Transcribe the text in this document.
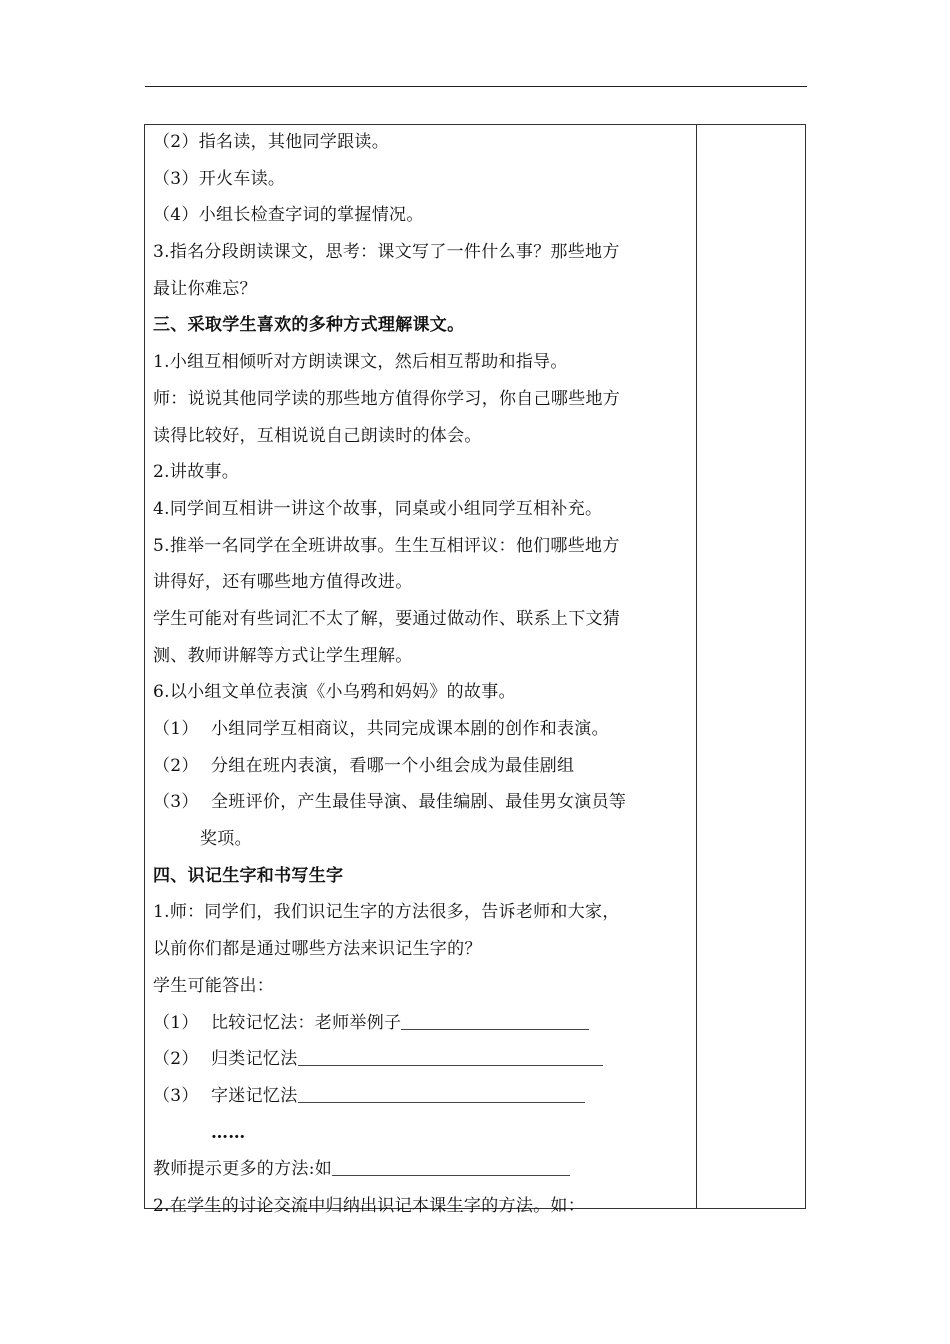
（2）指名读，其他同学跟读。
（3）开火车读。
（4）小组长检查字词的掌握情况。
3.指名分段朗读课文，思考：课文写了一件什么事？那些地方
最让你难忘？
三、采取学生喜欢的多种方式理解课文。
1.小组互相倾听对方朗读课文，然后相互帮助和指导。
师：说说其他同学读的那些地方值得你学习，你自己哪些地方
读得比较好，互相说说自己朗读时的体会。
2.讲故事。
4.同学间互相讲一讲这个故事，同桌或小组同学互相补充。
5.推举一名同学在全班讲故事。生生互相评议：他们哪些地方
讲得好，还有哪些地方值得改进。
学生可能对有些词汇不太了解，要通过做动作、联系上下文猜
测、教师讲解等方式让学生理解。
6.以小组文单位表演《小乌鸦和妈妈》的故事。
（1） 小组同学互相商议，共同完成课本剧的创作和表演。
（2） 分组在班内表演，看哪一个小组会成为最佳剧组
（3） 全班评价，产生最佳导演、最佳编剧、最佳男女演员等
奖项。
四、识记生字和书写生字
1.师：同学们，我们识记生字的方法很多，告诉老师和大家，
以前你们都是通过哪些方法来识记生字的？
学生可能答出：
（1） 比较记忆法：老师举例子
（2） 归类记忆法
（3） 字迷记忆法
……
教师提示更多的方法:如
2.在学生的讨论交流中归纳出识记本课生字的方法。如：
